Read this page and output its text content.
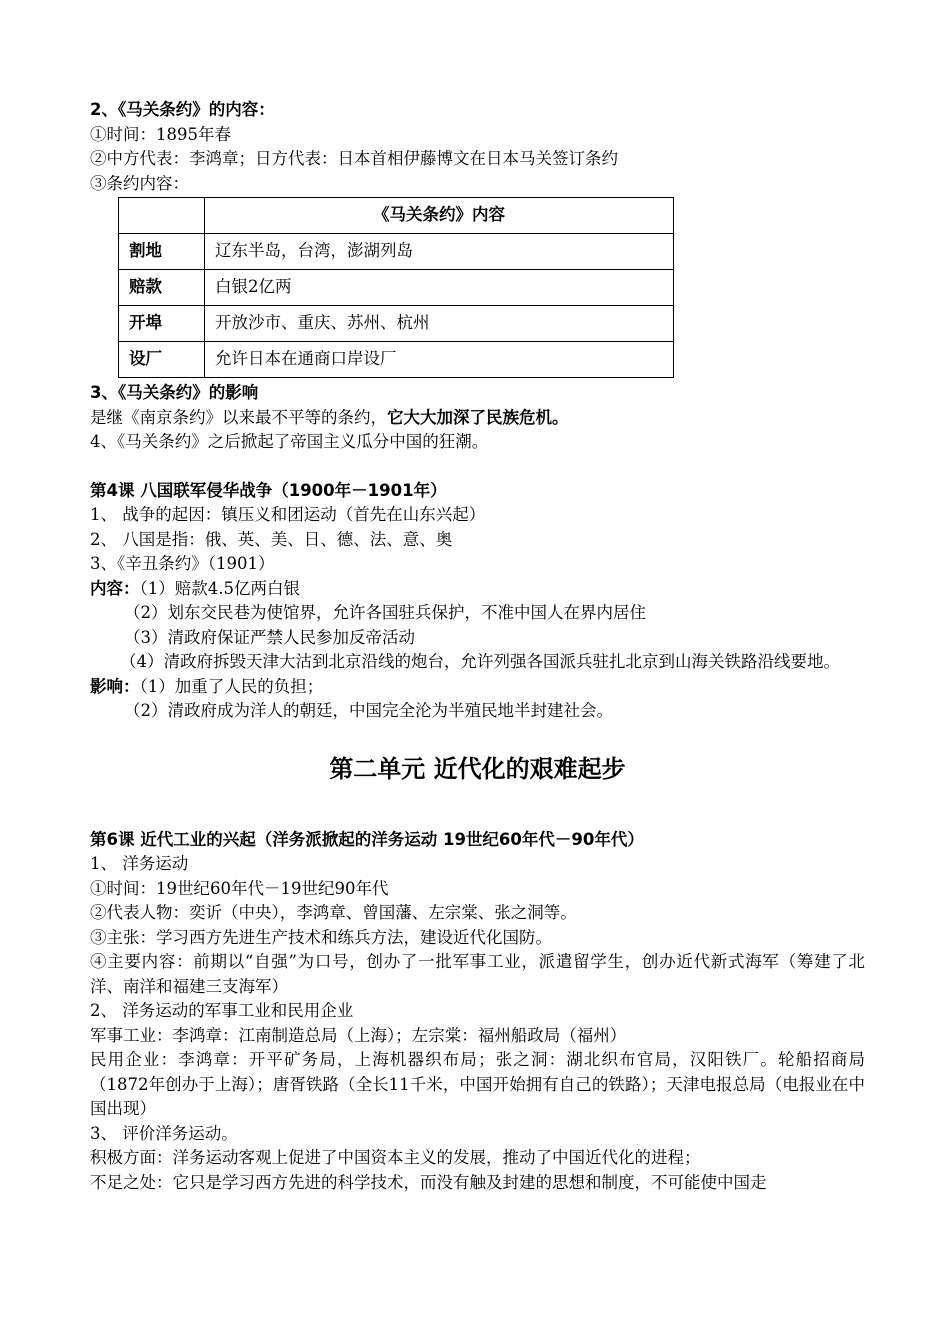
2、《马关条约》的内容：
①时间：1895年春
②中方代表：李鸿章；日方代表：日本首相伊藤博文在日本马关签订条约
③条约内容：
	《马关条约》内容
割地	辽东半岛，台湾，澎湖列岛
赔款	白银2亿两
开埠	开放沙市、重庆、苏州、杭州
设厂	允许日本在通商口岸设厂
3、《马关条约》的影响
是继《南京条约》以来最不平等的条约，它大大加深了民族危机。
4、《马关条约》之后掀起了帝国主义瓜分中国的狂潮。
第4课 八国联军侵华战争（1900年－1901年）
1、 战争的起因：镇压义和团运动（首先在山东兴起）
2、 八国是指：俄、英、美、日、德、法、意、奥
3、《辛丑条约》（1901）
内容：（1）赔款4.5亿两白银
（2）划东交民巷为使馆界，允许各国驻兵保护，不准中国人在界内居住
（3）清政府保证严禁人民参加反帝活动
（4）清政府拆毁天津大沽到北京沿线的炮台，允许列强各国派兵驻扎北京到山海关铁路沿线要地。
影响：（1）加重了人民的负担；
（2）清政府成为洋人的朝廷，中国完全沦为半殖民地半封建社会。
第二单元 近代化的艰难起步
第6课 近代工业的兴起（洋务派掀起的洋务运动 19世纪60年代－90年代）
1、 洋务运动
①时间：19世纪60年代－19世纪90年代
②代表人物：奕䜣（中央），李鸿章、曾国藩、左宗棠、张之洞等。
③主张：学习西方先进生产技术和练兵方法，建设近代化国防。
④主要内容：前期以“自强”为口号，创办了一批军事工业，派遣留学生，创办近代新式海军（筹建了北洋、南洋和福建三支海军）
2、 洋务运动的军事工业和民用企业
军事工业：李鸿章：江南制造总局（上海）；左宗棠：福州船政局（福州）
民用企业：李鸿章：开平矿务局，上海机器织布局；张之洞：湖北织布官局，汉阳铁厂。轮船招商局（1872年创办于上海）；唐胥铁路（全长11千米，中国开始拥有自己的铁路）；天津电报总局（电报业在中国出现）
3、 评价洋务运动。
积极方面：洋务运动客观上促进了中国资本主义的发展，推动了中国近代化的进程；
不足之处：它只是学习西方先进的科学技术，而没有触及封建的思想和制度，不可能使中国走
